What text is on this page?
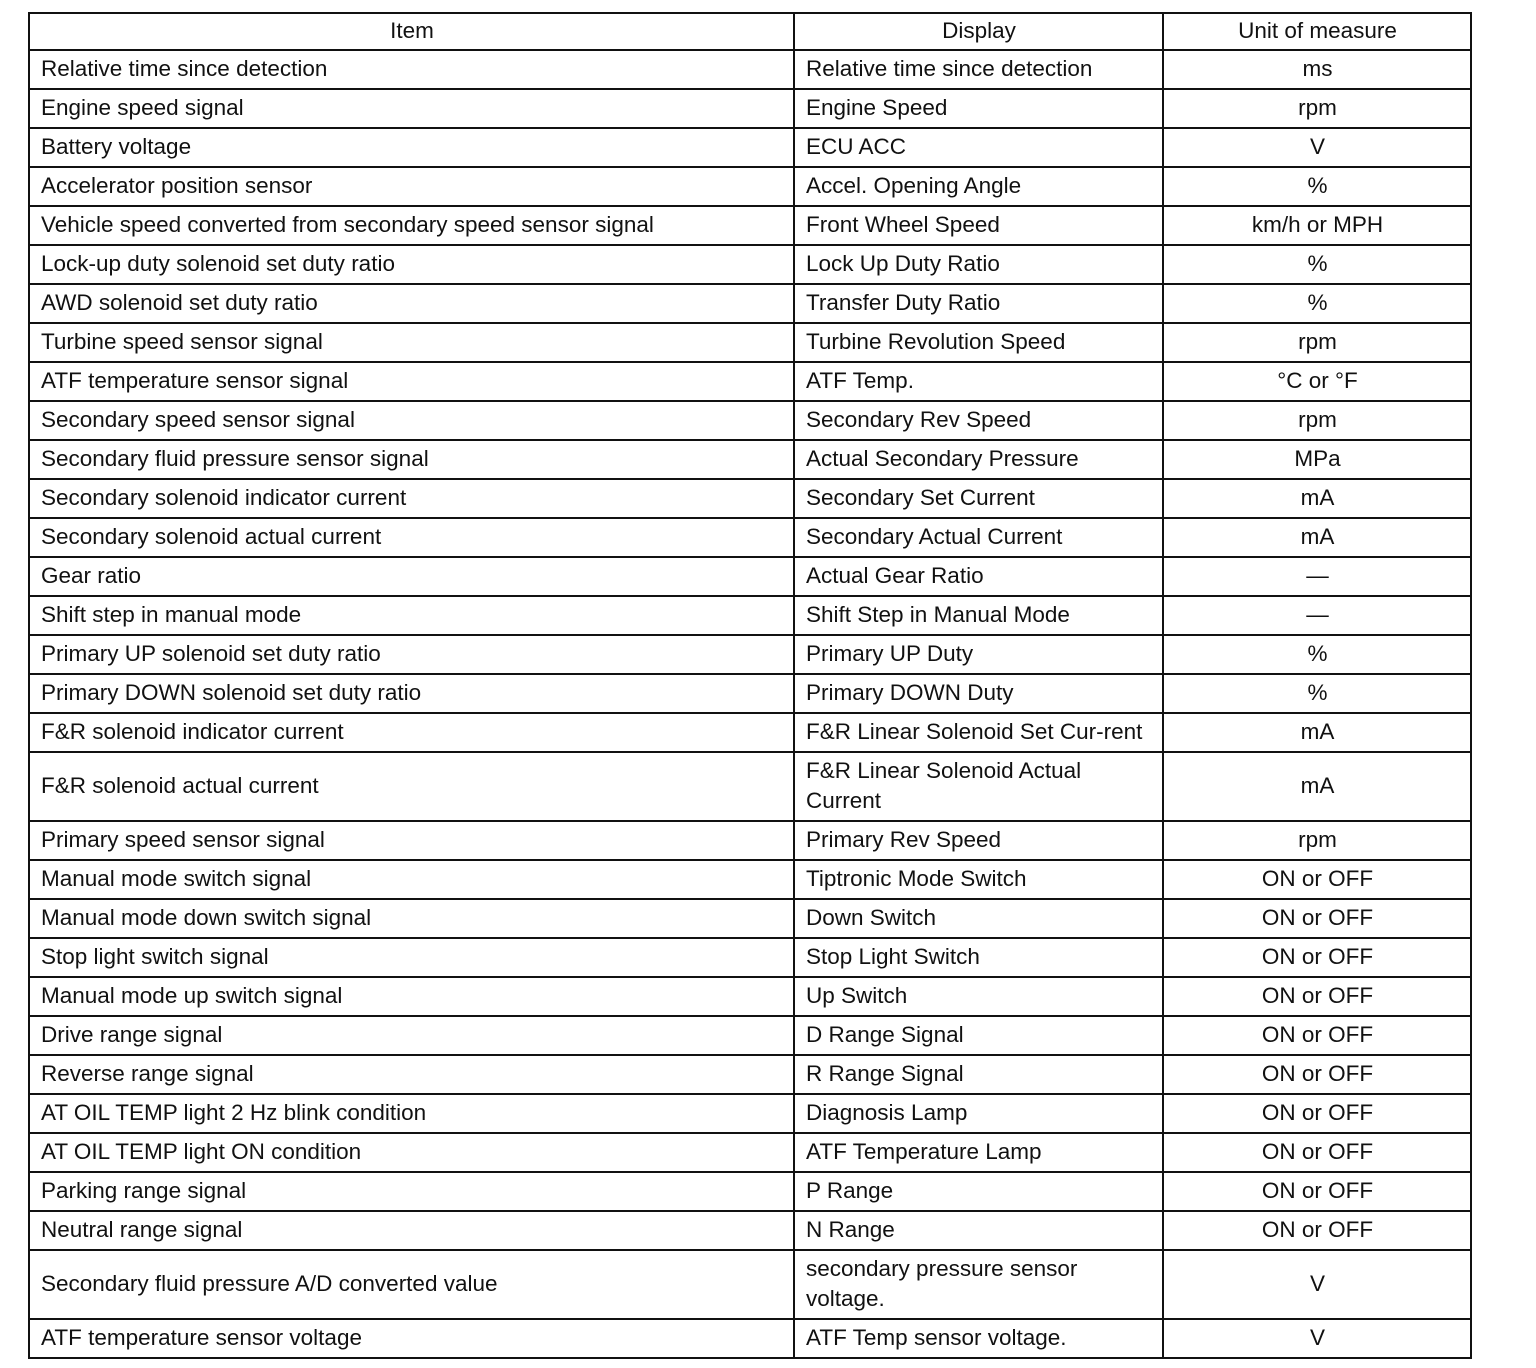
Item	Display	Unit of measure
Relative time since detection	Relative time since detection	ms
Engine speed signal	Engine Speed	rpm
Battery voltage	ECU ACC	V
Accelerator position sensor	Accel. Opening Angle	%
Vehicle speed converted from secondary speed sensor signal	Front Wheel Speed	km/h or MPH
Lock-up duty solenoid set duty ratio	Lock Up Duty Ratio	%
AWD solenoid set duty ratio	Transfer Duty Ratio	%
Turbine speed sensor signal	Turbine Revolution Speed	rpm
ATF temperature sensor signal	ATF Temp.	°C or °F
Secondary speed sensor signal	Secondary Rev Speed	rpm
Secondary fluid pressure sensor signal	Actual Secondary Pressure	MPa
Secondary solenoid indicator current	Secondary Set Current	mA
Secondary solenoid actual current	Secondary Actual Current	mA
Gear ratio	Actual Gear Ratio	—
Shift step in manual mode	Shift Step in Manual Mode	—
Primary UP solenoid set duty ratio	Primary UP Duty	%
Primary DOWN solenoid set duty ratio	Primary DOWN Duty	%
F&R solenoid indicator current	F&R Linear Solenoid Set Cur-rent	mA
F&R solenoid actual current	F&R Linear Solenoid Actual Current	mA
Primary speed sensor signal	Primary Rev Speed	rpm
Manual mode switch signal	Tiptronic Mode Switch	ON or OFF
Manual mode down switch signal	Down Switch	ON or OFF
Stop light switch signal	Stop Light Switch	ON or OFF
Manual mode up switch signal	Up Switch	ON or OFF
Drive range signal	D Range Signal	ON or OFF
Reverse range signal	R Range Signal	ON or OFF
AT OIL TEMP light 2 Hz blink condition	Diagnosis Lamp	ON or OFF
AT OIL TEMP light ON condition	ATF Temperature Lamp	ON or OFF
Parking range signal	P Range	ON or OFF
Neutral range signal	N Range	ON or OFF
Secondary fluid pressure A/D converted value	secondary pressure sensor voltage.	V
ATF temperature sensor voltage	ATF Temp sensor voltage.	V
